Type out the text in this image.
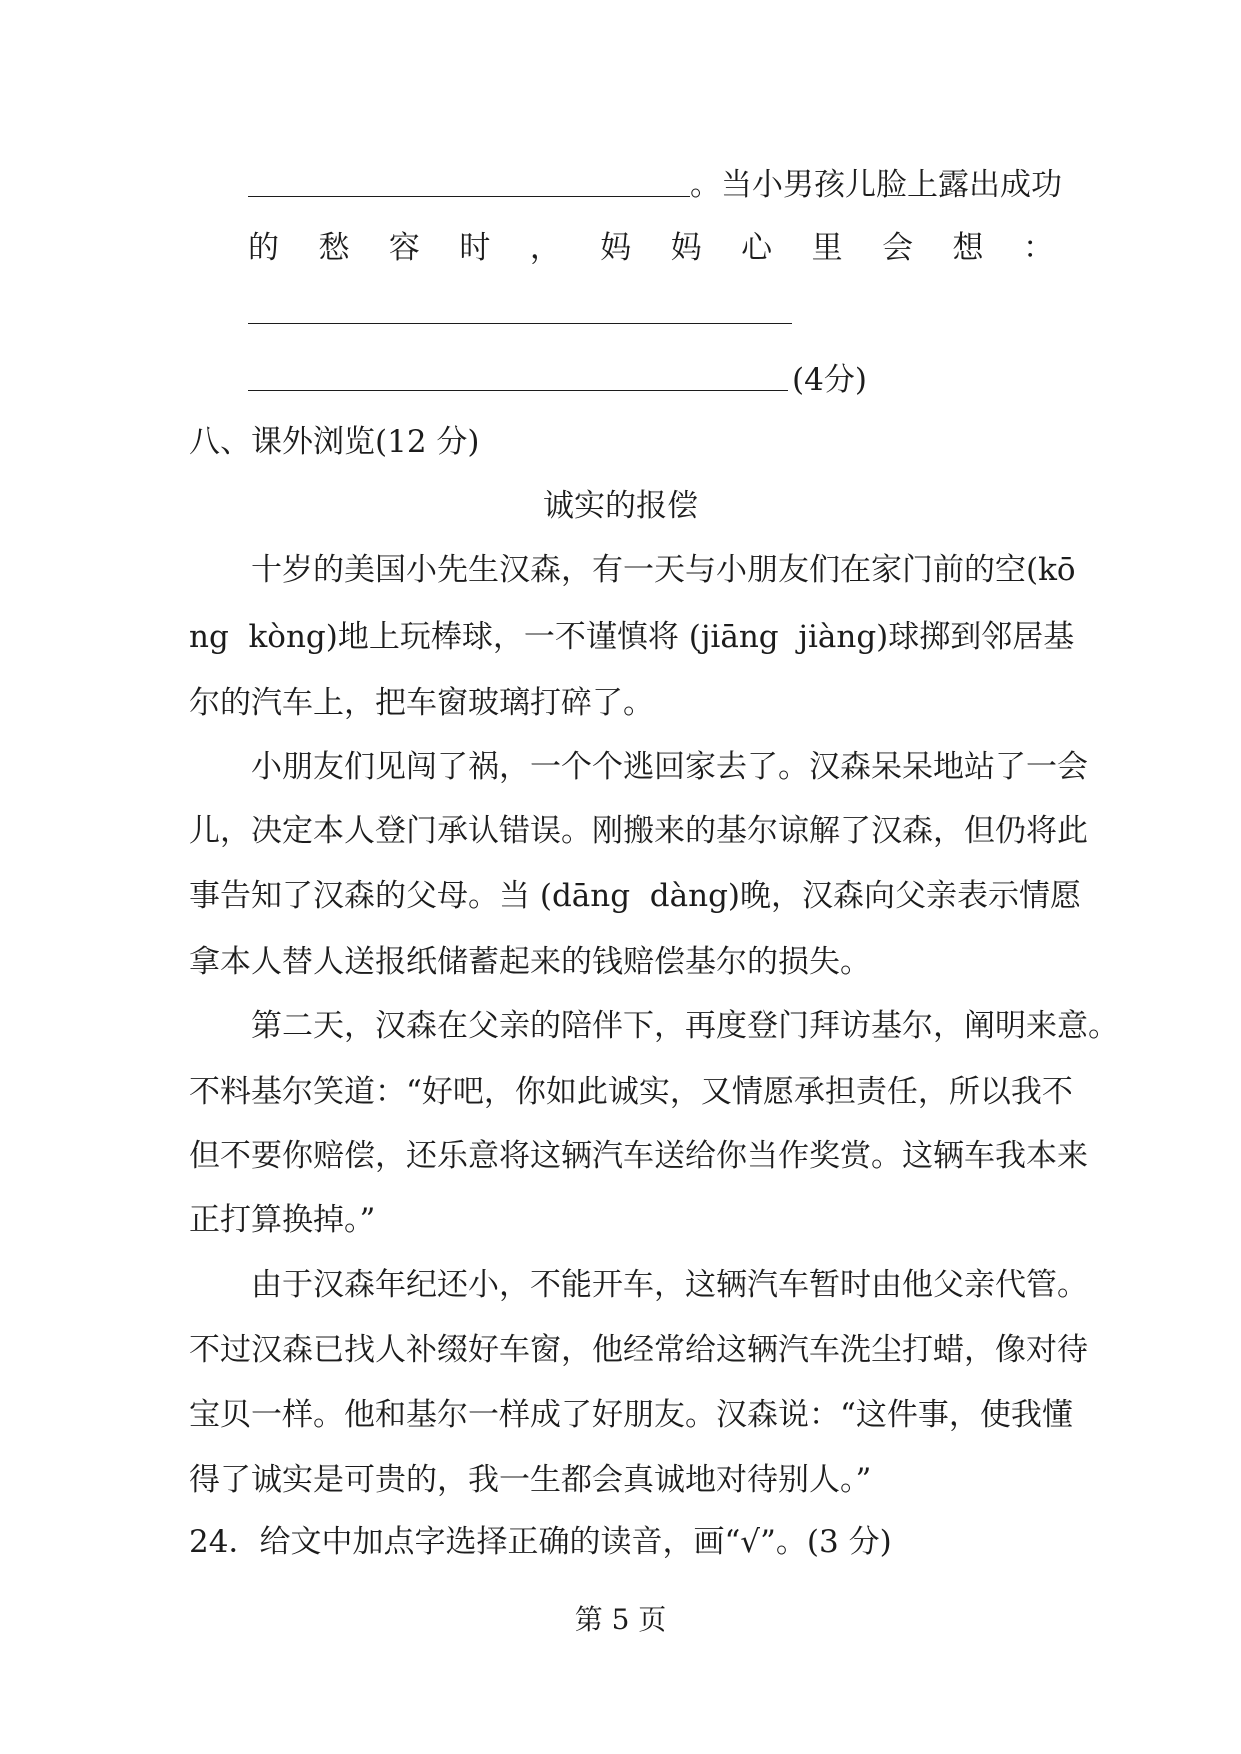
。当小男孩儿脸上露出成功
的 愁 容 时 ， 妈 妈 心 里 会 想 ：
(4分)
八、课外浏览(12 分)
诚实的报偿
　　十岁的美国小先生汉森，有一天与小朋友们在家门前的空(kō
ng  kòng)地上玩棒球，一不谨慎将 (jiāng  jiàng)球掷到邻居基
尔的汽车上，把车窗玻璃打碎了。
　　小朋友们见闯了祸，一个个逃回家去了。汉森呆呆地站了一会
儿，决定本人登门承认错误。刚搬来的基尔谅解了汉森，但仍将此
事告知了汉森的父母。当 (dāng  dàng)晚，汉森向父亲表示情愿
拿本人替人送报纸储蓄起来的钱赔偿基尔的损失。
　　第二天，汉森在父亲的陪伴下，再度登门拜访基尔，阐明来意。
不料基尔笑道：“好吧，你如此诚实，又情愿承担责任，所以我不
但不要你赔偿，还乐意将这辆汽车送给你当作奖赏。这辆车我本来
正打算换掉。”
　　由于汉森年纪还小，不能开车，这辆汽车暂时由他父亲代管。
不过汉森已找人补缀好车窗，他经常给这辆汽车洗尘打蜡，像对待
宝贝一样。他和基尔一样成了好朋友。汉森说：“这件事，使我懂
得了诚实是可贵的，我一生都会真诚地对待别人。”
24．给文中加点字选择正确的读音，画“√”。(3 分)
第 5 页
